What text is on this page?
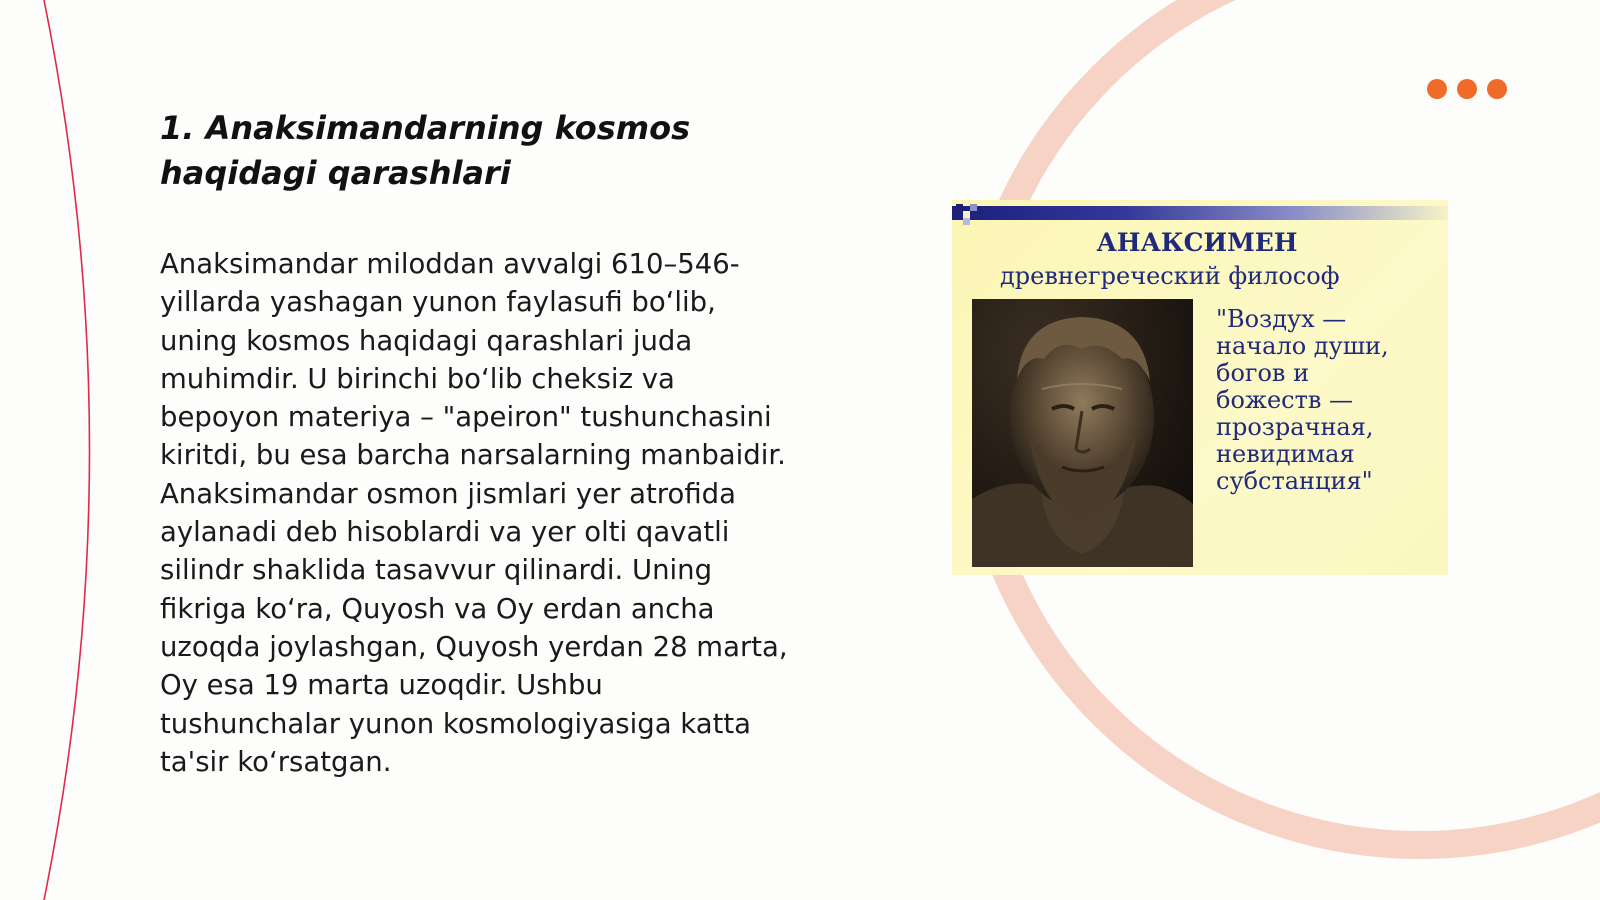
1. Anaksimandarning kosmos haqidagi qarashlari

Anaksimandar miloddan avvalgi 610–546-
yillarda yashagan yunon faylasufi bo‘lib,
uning kosmos haqidagi qarashlari juda
muhimdir. U birinchi bo‘lib cheksiz va
bepoyon materiya – "apeiron" tushunchasini
kiritdi, bu esa barcha narsalarning manbaidir.
Anaksimandar osmon jismlari yer atrofida
aylanadi deb hisoblardi va yer olti qavatli
silindr shaklida tasavvur qilinardi. Uning
fikriga ko‘ra, Quyosh va Oy erdan ancha
uzoqda joylashgan, Quyosh yerdan 28 marta,
Oy esa 19 marta uzoqdir. Ushbu
tushunchalar yunon kosmologiyasiga katta
ta'sir ko‘rsatgan.

АНАКСИМЕН

древнегреческий философ

"Воздух —
начало души,
богов и
божеств —
прозрачная,
невидимая
субстанция"
